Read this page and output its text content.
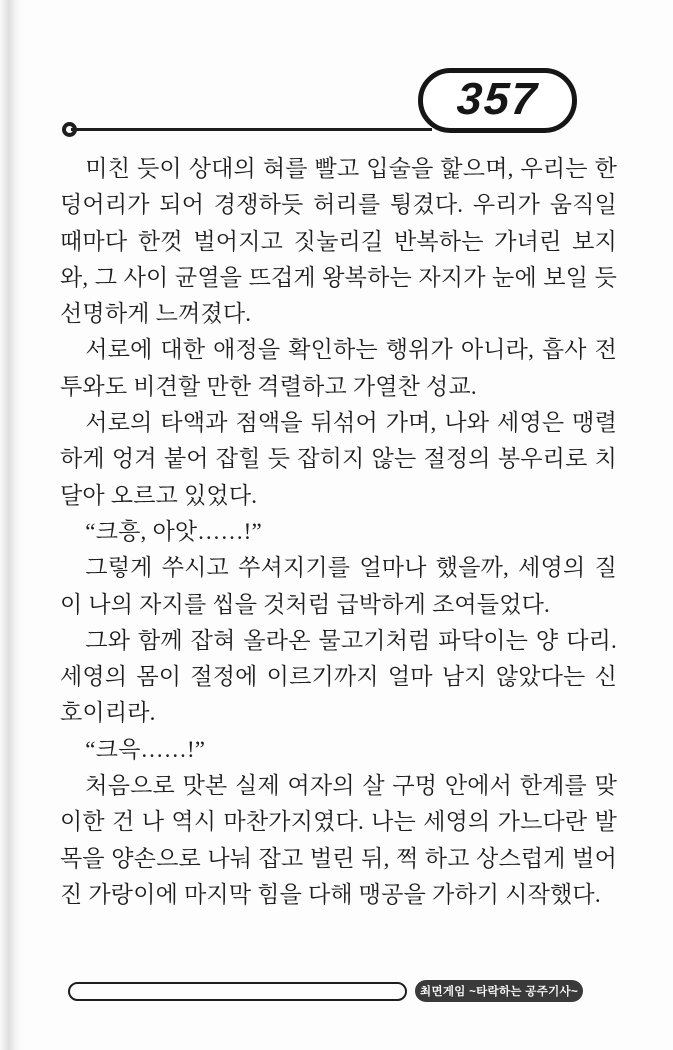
357

미친 듯이 상대의 혀를 빨고 입술을 핥으며, 우리는 한 덩어리가 되어 경쟁하듯 허리를 튕겼다. 우리가 움직일 때마다 한껏 벌어지고 짓눌리길 반복하는 가녀린 보지와, 그 사이 균열을 뜨겁게 왕복하는 자지가 눈에 보일 듯 선명하게 느껴졌다.

서로에 대한 애정을 확인하는 행위가 아니라, 흡사 전투와도 비견할 만한 격렬하고 가열찬 성교.

서로의 타액과 점액을 뒤섞어 가며, 나와 세영은 맹렬하게 엉겨 붙어 잡힐 듯 잡히지 않는 절정의 봉우리로 치달아 오르고 있었다.

“크흥, 아앗……!”

그렇게 쑤시고 쑤셔지기를 얼마나 했을까, 세영의 질이 나의 자지를 씹을 것처럼 급박하게 조여들었다.

그와 함께 잡혀 올라온 물고기처럼 파닥이는 양 다리. 세영의 몸이 절정에 이르기까지 얼마 남지 않았다는 신호이리라.

“크윽……!”

처음으로 맛본 실제 여자의 살 구멍 안에서 한계를 맞이한 건 나 역시 마찬가지였다. 나는 세영의 가느다란 발목을 양손으로 나눠 잡고 벌린 뒤, 쩍 하고 상스럽게 벌어진 가랑이에 마지막 힘을 다해 맹공을 가하기 시작했다.

최면게임 ~타락하는 공주기사~
